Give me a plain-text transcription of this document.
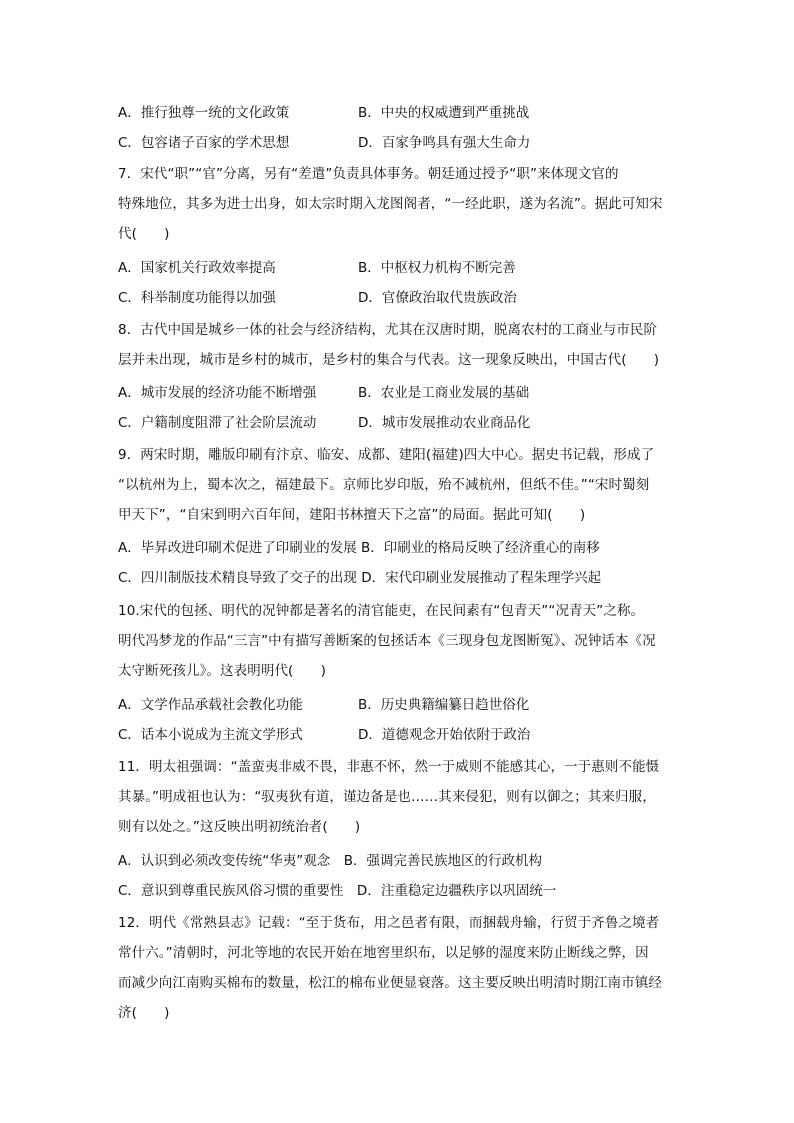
A．推行独尊一统的文化政策	B．中央的权威遭到严重挑战
C．包容诸子百家的学术思想	D．百家争鸣具有强大生命力
7．宋代“职”“官”分离，另有“差遣”负责具体事务。朝廷通过授予“职”来体现文官的
特殊地位，其多为进士出身，如太宗时期入龙图阁者，“一经此职，遂为名流”。据此可知宋
代(　　)
A．国家机关行政效率提高	B．中枢权力机构不断完善
C．科举制度功能得以加强	D．官僚政治取代贵族政治
8．古代中国是城乡一体的社会与经济结构，尤其在汉唐时期，脱离农村的工商业与市民阶
层并未出现，城市是乡村的城市，是乡村的集合与代表。这一现象反映出，中国古代(　　)
A．城市发展的经济功能不断增强	B．农业是工商业发展的基础
C．户籍制度阻滞了社会阶层流动	D．城市发展推动农业商品化
9．两宋时期，雕版印刷有汴京、临安、成都、建阳(福建)四大中心。据史书记载，形成了
“以杭州为上，蜀本次之，福建最下。京师比岁印版，殆不减杭州，但纸不佳。”“宋时蜀刻
甲天下”，“自宋到明六百年间，建阳书林擅天下之富”的局面。据此可知(　　)
A．毕昇改进印刷术促进了印刷业的发展 B．印刷业的格局反映了经济重心的南移
C．四川制版技术精良导致了交子的出现 D．宋代印刷业发展推动了程朱理学兴起
10.宋代的包拯、明代的况钟都是著名的清官能吏，在民间素有“包青天”“况青天”之称。
明代冯梦龙的作品“三言”中有描写善断案的包拯话本《三现身包龙图断冤》、况钟话本《况
太守断死孩儿》。这表明明代(　　)
A．文学作品承载社会教化功能	B．历史典籍编纂日趋世俗化
C．话本小说成为主流文学形式	D．道德观念开始依附于政治
11．明太祖强调：“盖蛮夷非威不畏，非惠不怀，然一于威则不能感其心，一于惠则不能慑
其暴。”明成祖也认为：“驭夷狄有道，谨边备是也……其来侵犯，则有以御之；其来归服，
则有以处之。”这反映出明初统治者(　　)
A．认识到必须改变传统“华夷”观念　B．强调完善民族地区的行政机构
C．意识到尊重民族风俗习惯的重要性　D．注重稳定边疆秩序以巩固统一
12．明代《常熟县志》记载：“至于货布，用之邑者有限，而捆载舟输，行贸于齐鲁之境者
常什六。”清朝时，河北等地的农民开始在地窖里织布，以足够的湿度来防止断线之弊，因
而减少向江南购买棉布的数量，松江的棉布业便显衰落。这主要反映出明清时期江南市镇经
济(　　)
